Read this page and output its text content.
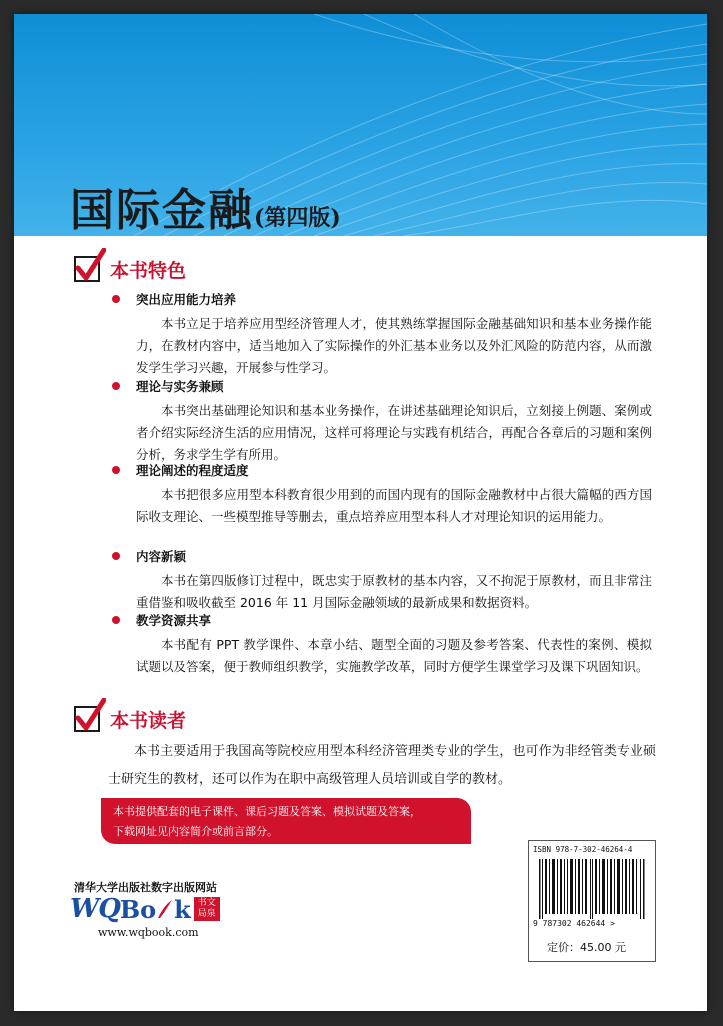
国际金融(第四版)
本书特色
突出应用能力培养
本书立足于培养应用型经济管理人才，使其熟练掌握国际金融基础知识和基本业务操作能力，在教材内容中，适当地加入了实际操作的外汇基本业务以及外汇风险的防范内容，从而激发学生学习兴趣，开展参与性学习。
理论与实务兼顾
本书突出基础理论知识和基本业务操作，在讲述基础理论知识后，立刻接上例题、案例或者介绍实际经济生活的应用情况，这样可将理论与实践有机结合，再配合各章后的习题和案例分析，务求学生学有所用。
理论阐述的程度适度
本书把很多应用型本科教育很少用到的而国内现有的国际金融教材中占很大篇幅的西方国际收支理论、一些模型推导等删去，重点培养应用型本科人才对理论知识的运用能力。
内容新颖
本书在第四版修订过程中，既忠实于原教材的基本内容，又不拘泥于原教材，而且非常注重借鉴和吸收截至 2016 年 11 月国际金融领域的最新成果和数据资料。
教学资源共享
本书配有 PPT 教学课件、本章小结、题型全面的习题及参考答案、代表性的案例、模拟试题以及答案，便于教师组织教学，实施教学改革，同时方便学生课堂学习及课下巩固知识。
本书读者
本书主要适用于我国高等院校应用型本科经济管理类专业的学生，也可作为非经管类专业硕士研究生的教材，还可以作为在职中高级管理人员培训或自学的教材。
本书提供配套的电子课件、课后习题及答案、模拟试题及答案，
下载网址见内容简介或前言部分。
清华大学出版社数字出版网站
WQ Bo k 书文局泉
www.wqbook.com
ISBN 978-7-302-46264-4
9 787302 462644 >
定价：45.00 元
